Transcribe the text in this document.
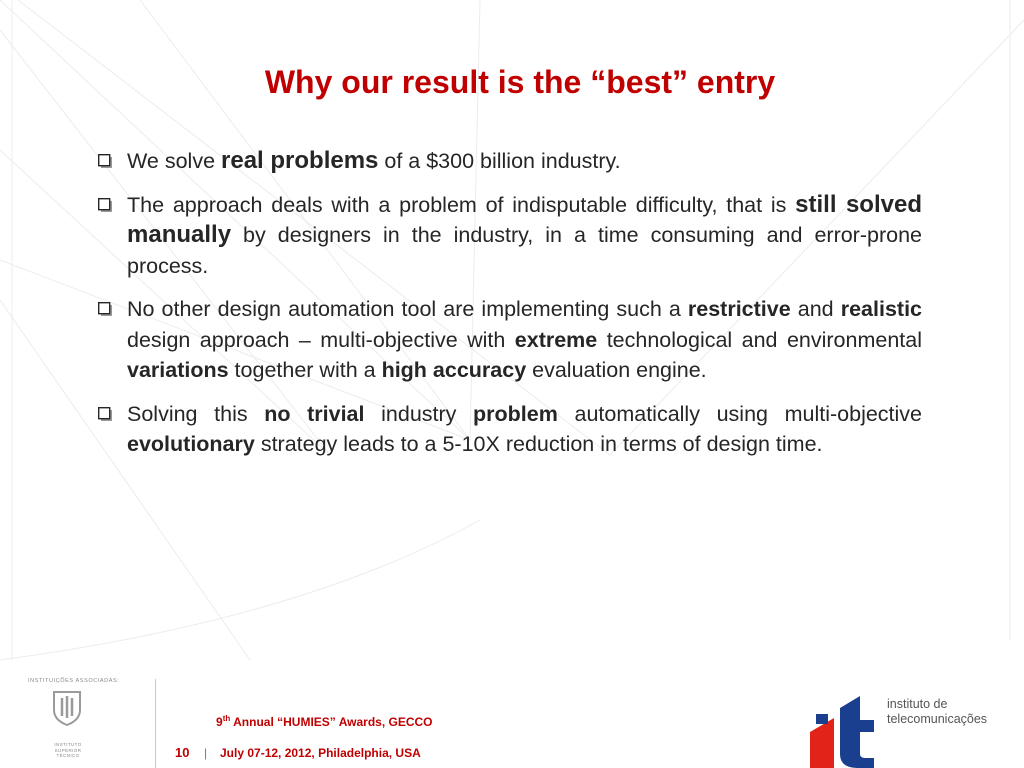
Why our result is the “best” entry
We solve real problems of a $300 billion industry.
The approach deals with a problem of indisputable difficulty, that is still solved manually by designers in the industry, in a time consuming and error-prone process.
No other design automation tool are implementing such a restrictive and realistic design approach – multi-objective with extreme technological and environmental variations together with a high accuracy evaluation engine.
Solving this no trivial industry problem automatically using multi-objective evolutionary strategy leads to a 5-10X reduction in terms of design time.
INSTITUIÇÕES ASSOCIADAS:
INSTITUTO SUPERIOR TÉCNICO
9th Annual “HUMIES” Awards, GECCO
10 | July 07-12, 2012, Philadelphia, USA
instituto de
telecomunicações
